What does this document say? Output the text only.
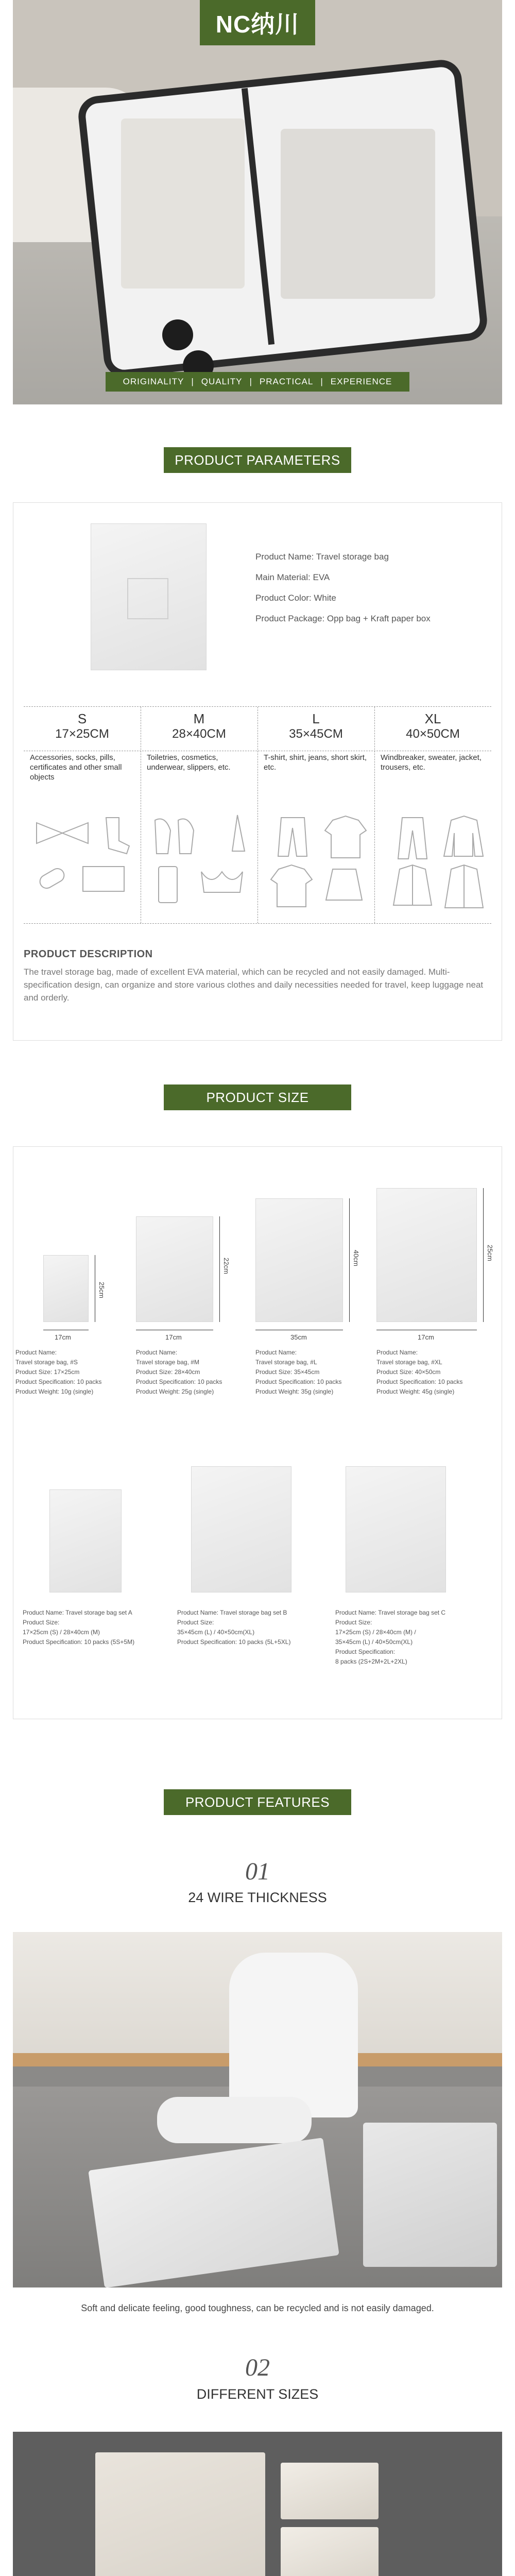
NC纳川
ORIGINALITY | QUALITY | PRACTICAL | EXPERIENCE
PRODUCT PARAMETERS
Product Name: Travel storage bag
Main Material: EVA
Product Color: White
Product Package: Opp bag + Kraft paper box
S
17×25CM
Accessories, socks, pills, certificates and other small objects
M
28×40CM
Toiletries, cosmetics, underwear, slippers, etc.
L
35×45CM
T-shirt, shirt, jeans, short skirt, etc.
XL
40×50CM
Windbreaker, sweater, jacket, trousers, etc.
PRODUCT DESCRIPTION
The travel storage bag, made of excellent EVA material, which can be recycled and not easily damaged. Multi-specification design, can organize and store various clothes and daily necessities needed for travel, keep luggage neat and orderly.
PRODUCT SIZE
25cm
17cm
22cm
17cm
40cm
35cm
25cm
17cm
Product Name:
Travel storage bag, #S
Product Size: 17×25cm
Product Specification: 10 packs
Product Weight: 10g (single)
Product Name:
Travel storage bag, #M
Product Size: 28×40cm
Product Specification: 10 packs
Product Weight: 25g (single)
Product Name:
Travel storage bag, #L
Product Size: 35×45cm
Product Specification: 10 packs
Product Weight: 35g (single)
Product Name:
Travel storage bag, #XL
Product Size: 40×50cm
Product Specification: 10 packs
Product Weight: 45g (single)
Product Name: Travel storage bag set A
Product Size:
17×25cm (S) / 28×40cm (M)
Product Specification: 10 packs (5S+5M)
Product Name: Travel storage bag set B
Product Size:
35×45cm (L) / 40×50cm(XL)
Product Specification: 10 packs (5L+5XL)
Product Name: Travel storage bag set C
Product Size:
17×25cm (S) / 28×40cm (M) /
35×45cm (L) / 40×50cm(XL)
Product Specification:
8 packs (2S+2M+2L+2XL)
PRODUCT FEATURES
01
24 WIRE THICKNESS
Soft and delicate feeling, good toughness, can be recycled and is not easily damaged.
02
DIFFERENT SIZES
